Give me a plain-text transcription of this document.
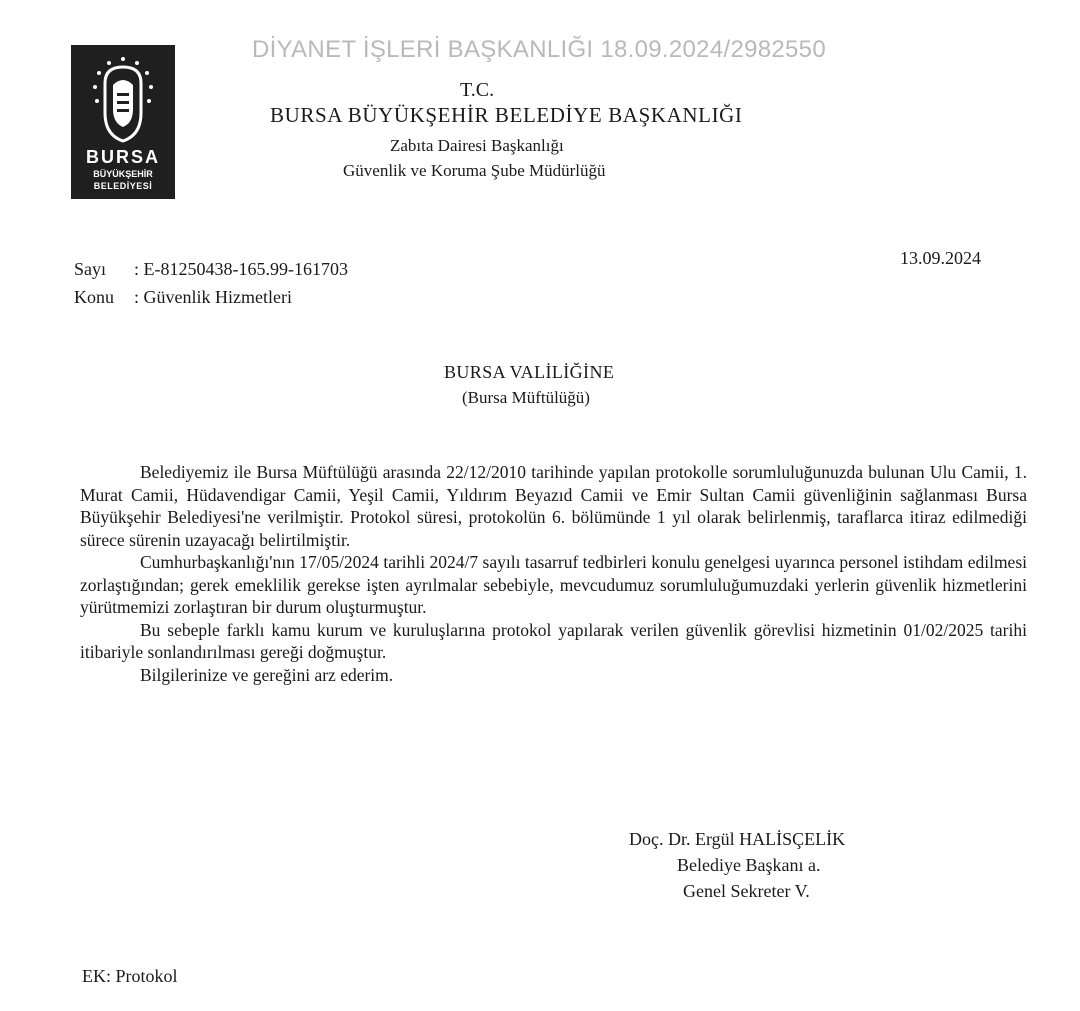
DİYANET İŞLERİ BAŞKANLIĞI 18.09.2024/2982550
BURSA
BÜYÜKŞEHİR
BELEDİYESİ
T.C.
BURSA BÜYÜKŞEHİR BELEDİYE BAŞKANLIĞI
Zabıta Dairesi Başkanlığı
Güvenlik ve Koruma Şube Müdürlüğü
Sayı : E-81250438-165.99-161703
Konu : Güvenlik Hizmetleri
13.09.2024
BURSA VALİLİĞİNE
(Bursa Müftülüğü)

Belediyemiz ile Bursa Müftülüğü arasında 22/12/2010 tarihinde yapılan protokolle sorumluluğunuzda bulunan Ulu Camii, 1. Murat Camii, Hüdavendigar Camii, Yeşil Camii, Yıldırım Beyazıd Camii ve Emir Sultan Camii güvenliğinin sağlanması Bursa Büyükşehir Belediyesi'ne verilmiştir. Protokol süresi, protokolün 6. bölümünde 1 yıl olarak belirlenmiş, taraflarca itiraz edilmediği sürece sürenin uzayacağı belirtilmiştir.

Cumhurbaşkanlığı'nın 17/05/2024 tarihli 2024/7 sayılı tasarruf tedbirleri konulu genelgesi uyarınca personel istihdam edilmesi zorlaştığından; gerek emeklilik gerekse işten ayrılmalar sebebiyle, mevcudumuz sorumluluğumuzdaki yerlerin güvenlik hizmetlerini yürütmemizi zorlaştıran bir durum oluşturmuştur.

Bu sebeple farklı kamu kurum ve kuruluşlarına protokol yapılarak verilen güvenlik görevlisi hizmetinin 01/02/2025 tarihi itibariyle sonlandırılması gereği doğmuştur.

Bilgilerinize ve gereğini arz ederim.

Doç. Dr. Ergül HALİSÇELİK
Belediye Başkanı a.
Genel Sekreter V.
EK: Protokol
